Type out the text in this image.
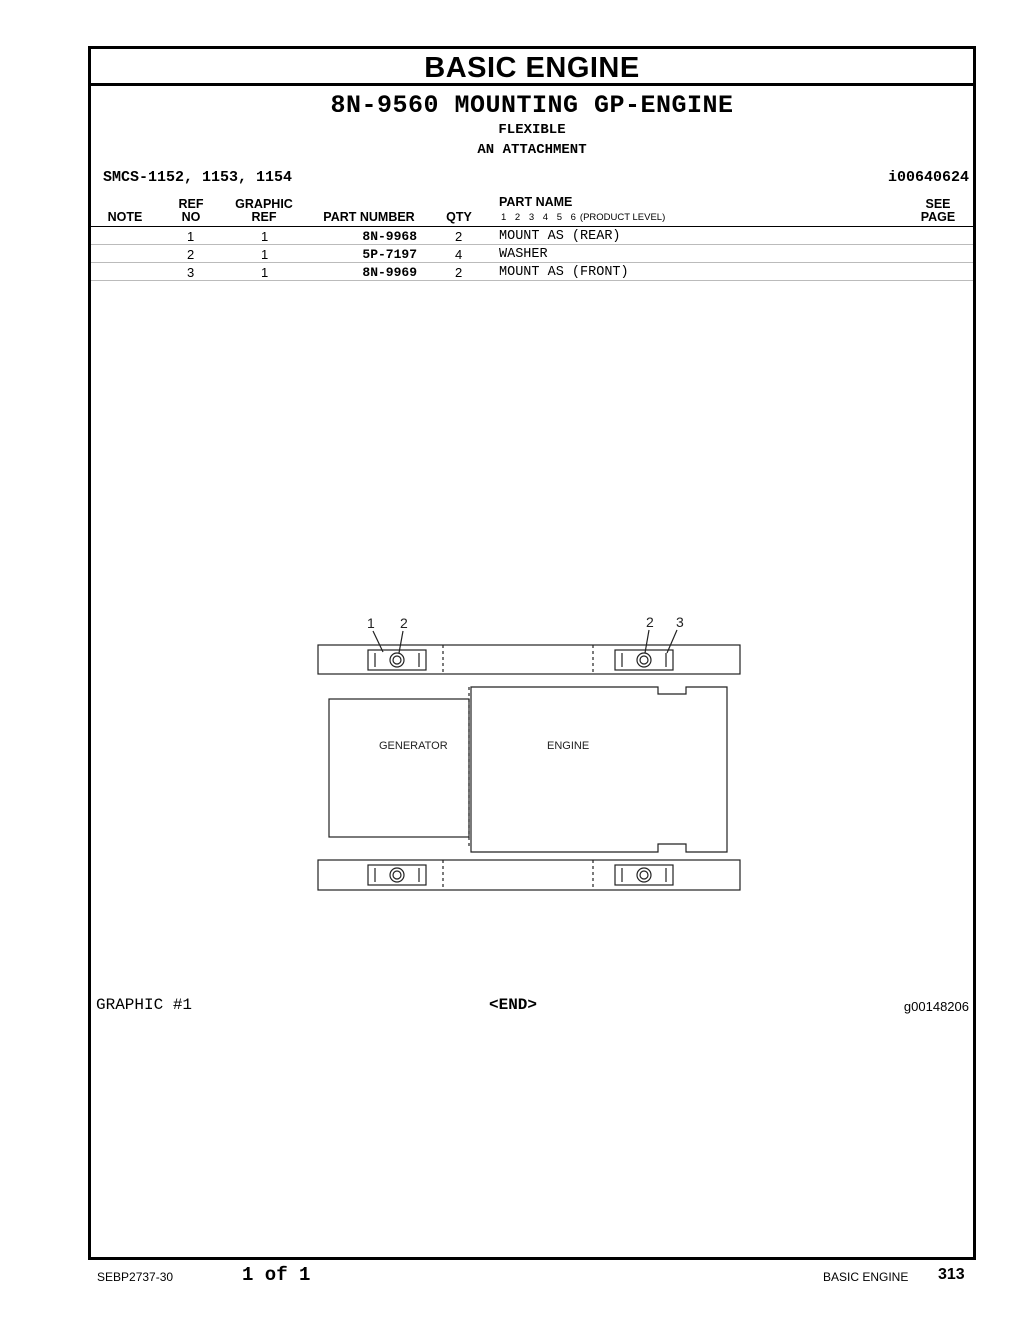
BASIC ENGINE
8N-9560 MOUNTING GP-ENGINE
FLEXIBLE
AN ATTACHMENT
SMCS-1152, 1153, 1154	i00640624
NOTE
REF
NO
GRAPHIC
REF	PART NUMBER	QTY
PART NAME
1 2 3 4 5 6 (PRODUCT LEVEL)
SEE
PAGE
1	1	8N-9968	2	MOUNT AS (REAR)
2	1	5P-7197	4	WASHER
3	1	8N-9969	2	MOUNT AS (FRONT)
1 2	2 3
GENERATOR	ENGINE
GRAPHIC #1	<END>	g00148206
SEBP2737-30	1 of 1	BASIC ENGINE 313
